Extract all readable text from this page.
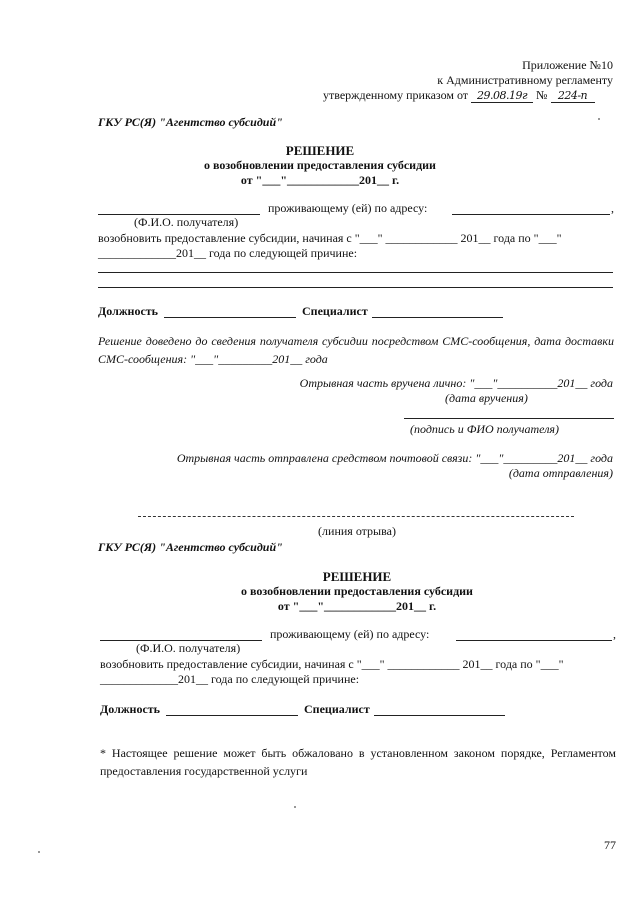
Приложение №10
к Административному регламенту
утвержденному приказом от 29.08.19г № 224-п
ГКУ РС(Я) "Агентство субсидий"
РЕШЕНИЕ
о возобновлении предоставления субсидии
от "___"____________201__ г.
проживающему (ей) по адресу:	,
(Ф.И.О. получателя)
возобновить предоставление субсидии, начиная с "___" ____________ 201__ года по "___"
_____________201__ года по следующей причине:
Должность	Специалист
Решение доведено до сведения получателя субсидии посредством СМС-сообщения, дата доставки СМС-сообщения: "___"_________201__ года
Отрывная часть вручена лично: "___"__________201__ года
(дата вручения)
(подпись и ФИО получателя)
Отрывная часть отправлена средством почтовой связи: "___"_________201__ года
(дата отправления)
(линия отрыва)
ГКУ РС(Я) "Агентство субсидий"
РЕШЕНИЕ
о возобновлении предоставления субсидии
от "___"____________201__ г.
проживающему (ей) по адресу:	,
(Ф.И.О. получателя)
возобновить предоставление субсидии, начиная с "___" ____________ 201__ года по "___"
_____________201__ года по следующей причине:
Должность	Специалист
* Настоящее решение может быть обжаловано в установленном законом порядке, Регламентом предоставления государственной услуги
77
